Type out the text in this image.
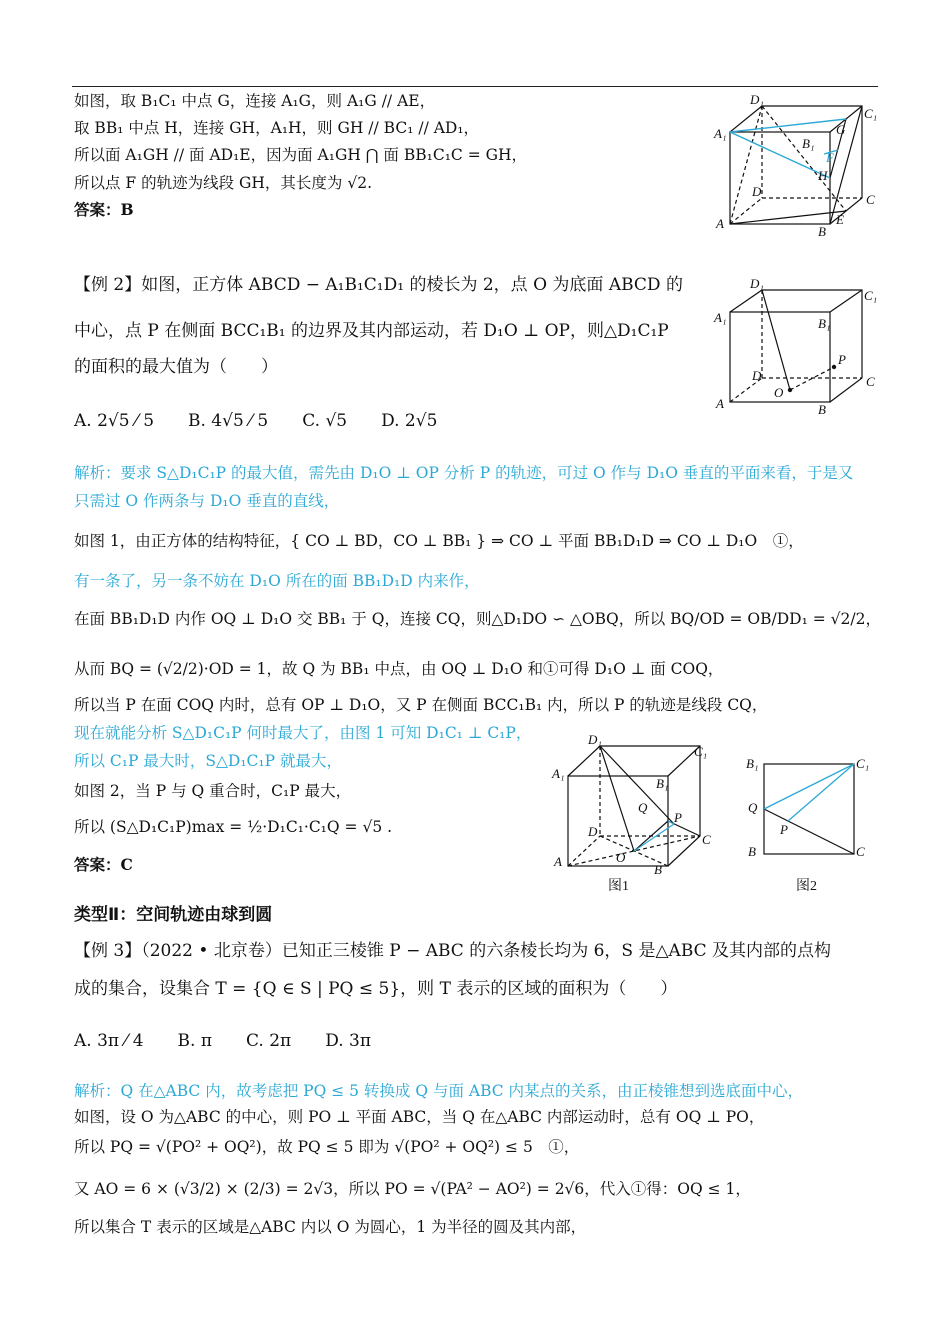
如图，取 B₁C₁ 中点 G，连接 A₁G，则 A₁G // AE，
取 BB₁ 中点 H，连接 GH，A₁H，则 GH // BC₁ // AD₁，
所以面 A₁GH // 面 AD₁E，因为面 A₁GH ⋂ 面 BB₁C₁C = GH，
所以点 F 的轨迹为线段 GH，其长度为 √2.
答案：B
D₁
C₁
A₁
B₁
G
F
H
D
C
A	E
B
【例 2】如图，正方体 ABCD − A₁B₁C₁D₁ 的棱长为 2，点 O 为底面 ABCD 的
中心，点 P 在侧面 BCC₁B₁ 的边界及其内部运动，若 D₁O ⊥ OP，则△D₁C₁P
的面积的最大值为（　　）
A. 2√5 ⁄ 5　　B. 4√5 ⁄ 5　　C. √5　　D. 2√5
D₁
C₁
A₁	B₁
P
D	C
O
A	B
解析：要求 S△D₁C₁P 的最大值，需先由 D₁O ⊥ OP 分析 P 的轨迹，可过 O 作与 D₁O 垂直的平面来看，于是又
只需过 O 作两条与 D₁O 垂直的直线，
如图 1，由正方体的结构特征，{ CO ⊥ BD，CO ⊥ BB₁ } ⇒ CO ⊥ 平面 BB₁D₁D ⇒ CO ⊥ D₁O　①，
有一条了，另一条不妨在 D₁O 所在的面 BB₁D₁D 内来作，
在面 BB₁D₁D 内作 OQ ⊥ D₁O 交 BB₁ 于 Q，连接 CQ，则△D₁DO ∽ △OBQ，所以 BQ/OD = OB/DD₁ = √2/2，
从而 BQ = (√2/2)·OD = 1，故 Q 为 BB₁ 中点，由 OQ ⊥ D₁O 和①可得 D₁O ⊥ 面 COQ，
所以当 P 在面 COQ 内时，总有 OP ⊥ D₁O，又 P 在侧面 BCC₁B₁ 内，所以 P 的轨迹是线段 CQ，
现在就能分析 S△D₁C₁P 何时最大了，由图 1 可知 D₁C₁ ⊥ C₁P，
所以 C₁P 最大时，S△D₁C₁P 就最大，
如图 2，当 P 与 Q 重合时，C₁P 最大，
所以 (S△D₁C₁P)max = ½·D₁C₁·C₁Q = √5 .
答案：C
D₁
C₁
A₁
B₁
Q
P
D
C
A	O
B
图1
B₁	C₁
Q
P
B	C
图2
类型Ⅱ：空间轨迹由球到圆
【例 3】（2022 • 北京卷）已知正三棱锥 P − ABC 的六条棱长均为 6，S 是△ABC 及其内部的点构
成的集合，设集合 T = {Q ∈ S | PQ ≤ 5}，则 T 表示的区域的面积为（　　）
A. 3π ⁄ 4　　B. π　　C. 2π　　D. 3π
解析：Q 在△ABC 内，故考虑把 PQ ≤ 5 转换成 Q 与面 ABC 内某点的关系，由正棱锥想到选底面中心，
如图，设 O 为△ABC 的中心，则 PO ⊥ 平面 ABC，当 Q 在△ABC 内部运动时，总有 OQ ⊥ PO，
所以 PQ = √(PO² + OQ²)，故 PQ ≤ 5 即为 √(PO² + OQ²) ≤ 5　①，
又 AO = 6 × (√3/2) × (2/3) = 2√3，所以 PO = √(PA² − AO²) = 2√6，代入①得：OQ ≤ 1，
所以集合 T 表示的区域是△ABC 内以 O 为圆心，1 为半径的圆及其内部，
